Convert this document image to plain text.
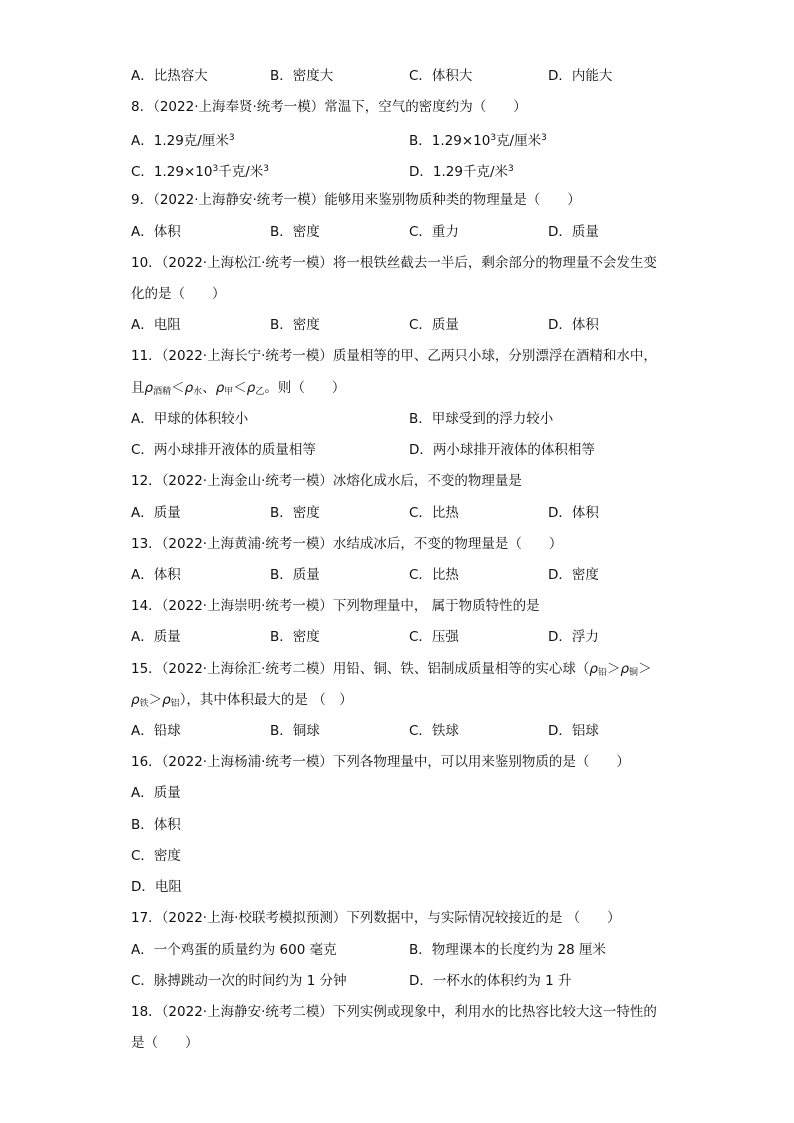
A．比热容大	B．密度大	C．体积大	D．内能大
8．（2022·上海奉贤·统考一模）常温下，空气的密度约为（　　）
A．1.29克/厘米$^3$	B．$1.29\times 10^3$克/厘米$^3$
C．$1.29\times 10^3$千克/米$^3$	D．1.29千克/米$^3$
9．（2022·上海静安·统考一模）能够用来鉴别物质种类的物理量是（　　）
A．体积	B．密度	C．重力	D．质量
10．（2022·上海松江·统考一模）将一根铁丝截去一半后，剩余部分的物理量不会发生变
化的是（　　）
A．电阻	B．密度	C．质量	D．体积
11．（2022·上海长宁·统考一模）质量相等的甲、乙两只小球，分别漂浮在酒精和水中，
且$\rho_{酒精}<\rho_水$、$\rho_甲<\rho_乙$。则（　　）
A．甲球的体积较小	B．甲球受到的浮力较小
C．两小球排开液体的质量相等	D．两小球排开液体的体积相等
12．（2022·上海金山·统考一模）冰熔化成水后，不变的物理量是
A．质量	B．密度	C．比热	D．体积
13．（2022·上海黄浦·统考一模）水结成冰后，不变的物理量是（　　）
A．体积	B．质量	C．比热	D．密度
14．（2022·上海崇明·统考一模）下列物理量中， 属于物质特性的是
A．质量	B．密度	C．压强	D．浮力
15．（2022·上海徐汇·统考二模）用铅、铜、铁、铝制成质量相等的实心球（$\rho_铅>\rho_铜>$
$\rho_铁>\rho_铝$），其中体积最大的是 （　）
A．铅球	B．铜球	C．铁球	D．铝球
16．（2022·上海杨浦·统考一模）下列各物理量中，可以用来鉴别物质的是（　　）
A．质量
B．体积
C．密度
D．电阻
17．（2022·上海·校联考模拟预测）下列数据中，与实际情况较接近的是 （　　）
A．一个鸡蛋的质量约为 600 毫克	B．物理课本的长度约为 28 厘米
C．脉搏跳动一次的时间约为 1 分钟	D．一杯水的体积约为 1 升
18．（2022·上海静安·统考二模）下列实例或现象中，利用水的比热容比较大这一特性的
是（　　）
